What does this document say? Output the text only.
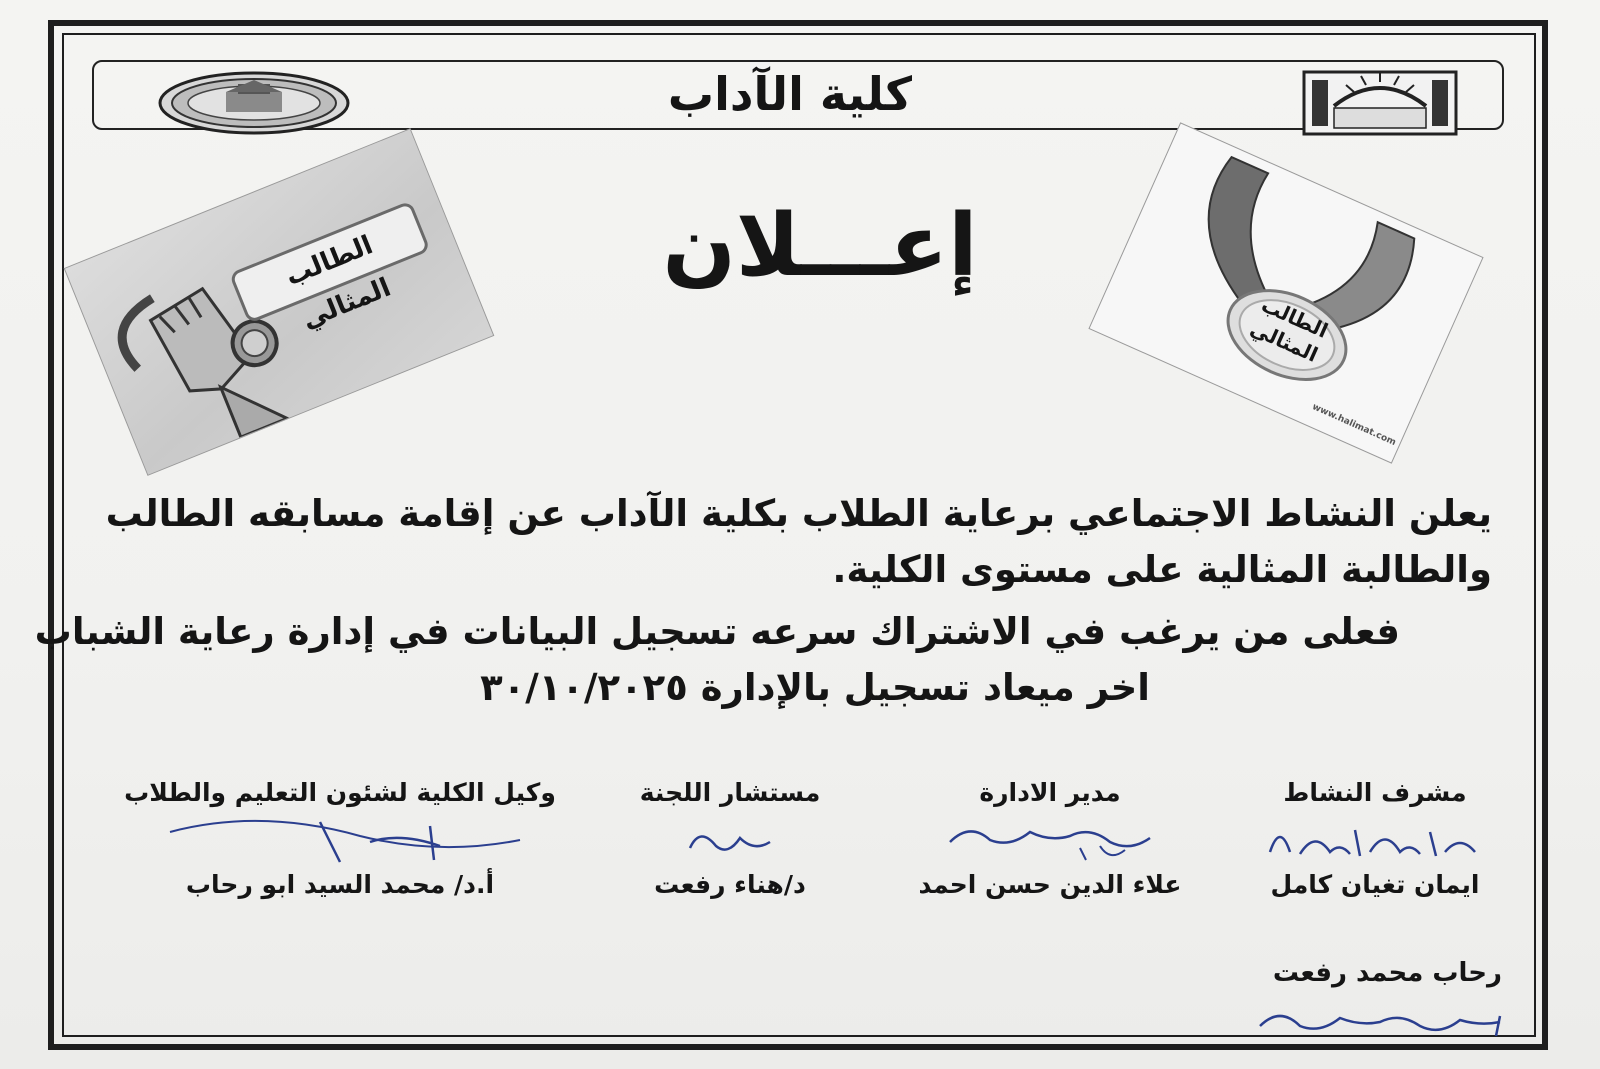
كلية الآداب
الطالب المثالي
إعـــلان
الطالب المثالي
www.halimat.com
يعلن النشاط الاجتماعي برعاية الطلاب بكلية الآداب عن إقامة مسابقه الطالب
والطالبة المثالية على مستوى الكلية.
فعلى من يرغب في الاشتراك سرعه تسجيل البيانات في إدارة رعاية الشباب
اخر ميعاد تسجيل بالإدارة ٣٠/١٠/٢٠٢٥
مشرف النشاط
ايمان تغيان كامل
مدير الادارة
علاء الدين حسن احمد
مستشار اللجنة
د/هناء رفعت
وكيل الكلية لشئون التعليم والطلاب
أ.د/ محمد السيد ابو رحاب
رحاب محمد رفعت
